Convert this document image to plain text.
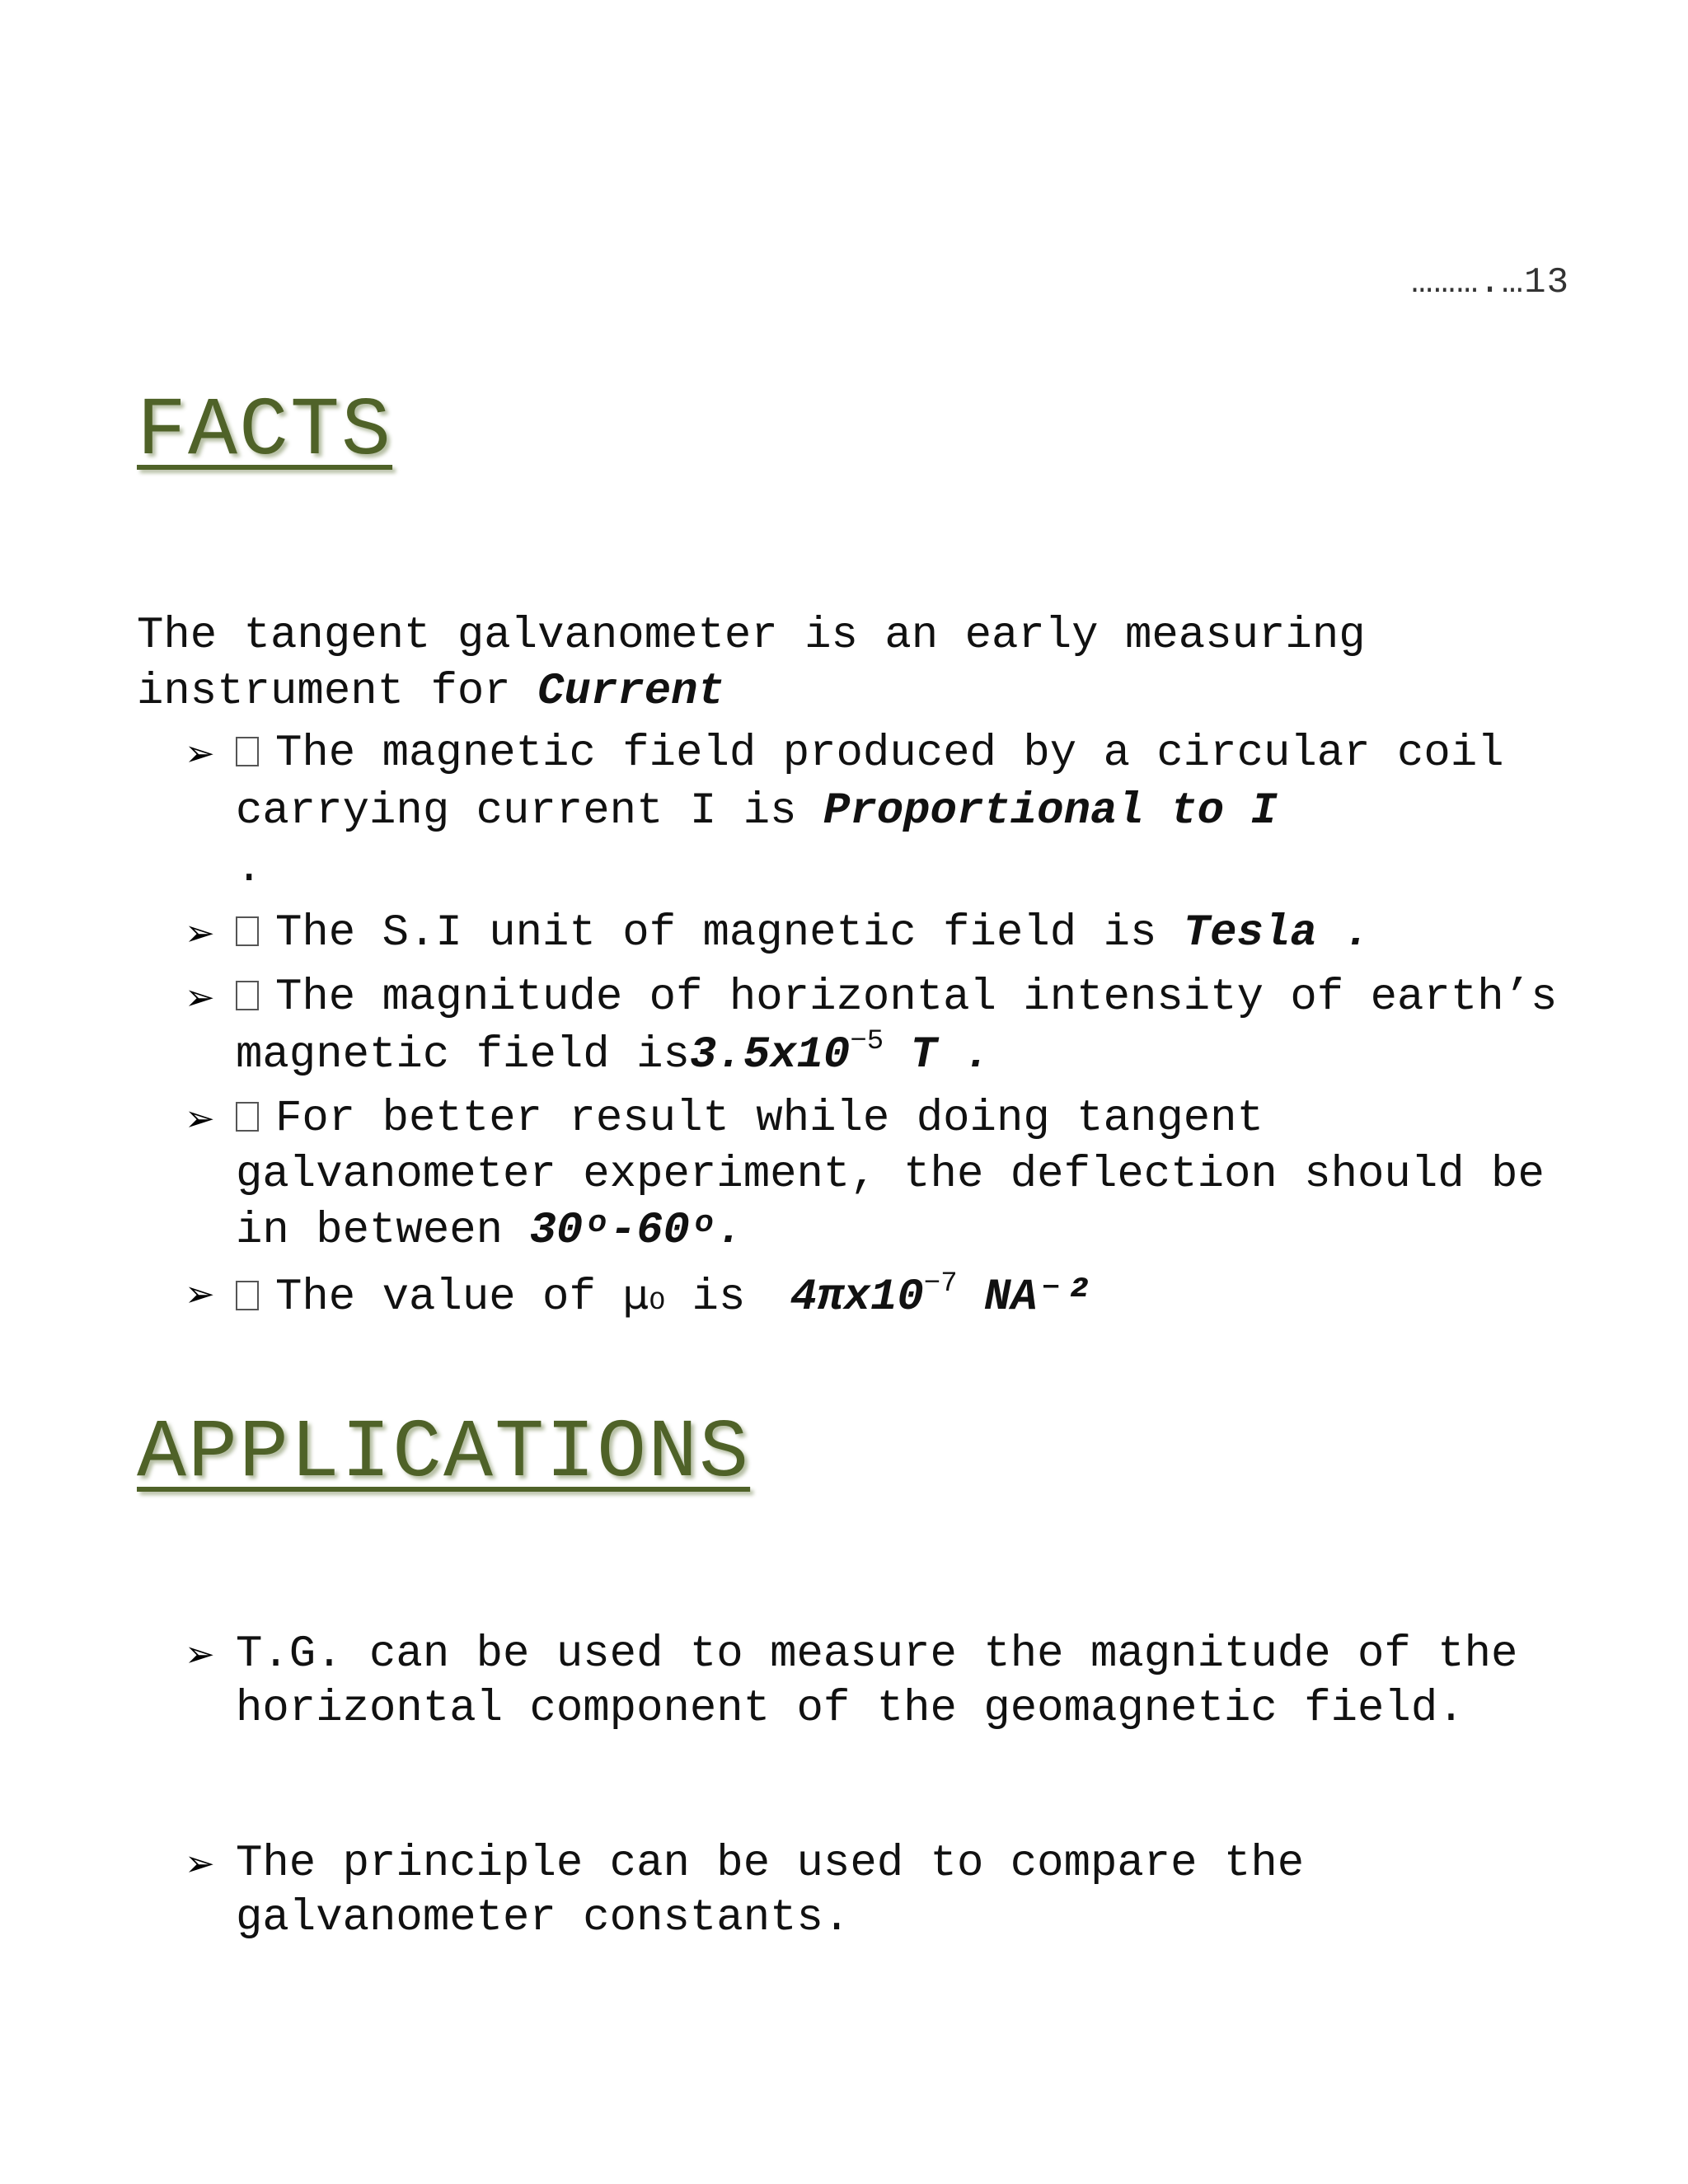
……….…13
FACTS
The tangent galvanometer is an early measuring instrument for Current
➢ The magnetic field produced by a circular coil carrying current I is Proportional to I
.
➢ The S.I unit of magnetic field is Tesla .
➢ The magnitude of horizontal intensity of earth’s magnetic field $is3.5x10^{-5}$ T .
➢ For better result while doing tangent galvanometer experiment, the deflection should be in between 30ᵒ-60ᵒ.
➢ The value of μ₀ is $4\pi x10^{-7}$ NA⁻²
APPLICATIONS
➢ T.G. can be used to measure the magnitude of the horizontal component of the geomagnetic field.
➢ The principle can be used to compare the galvanometer constants.
